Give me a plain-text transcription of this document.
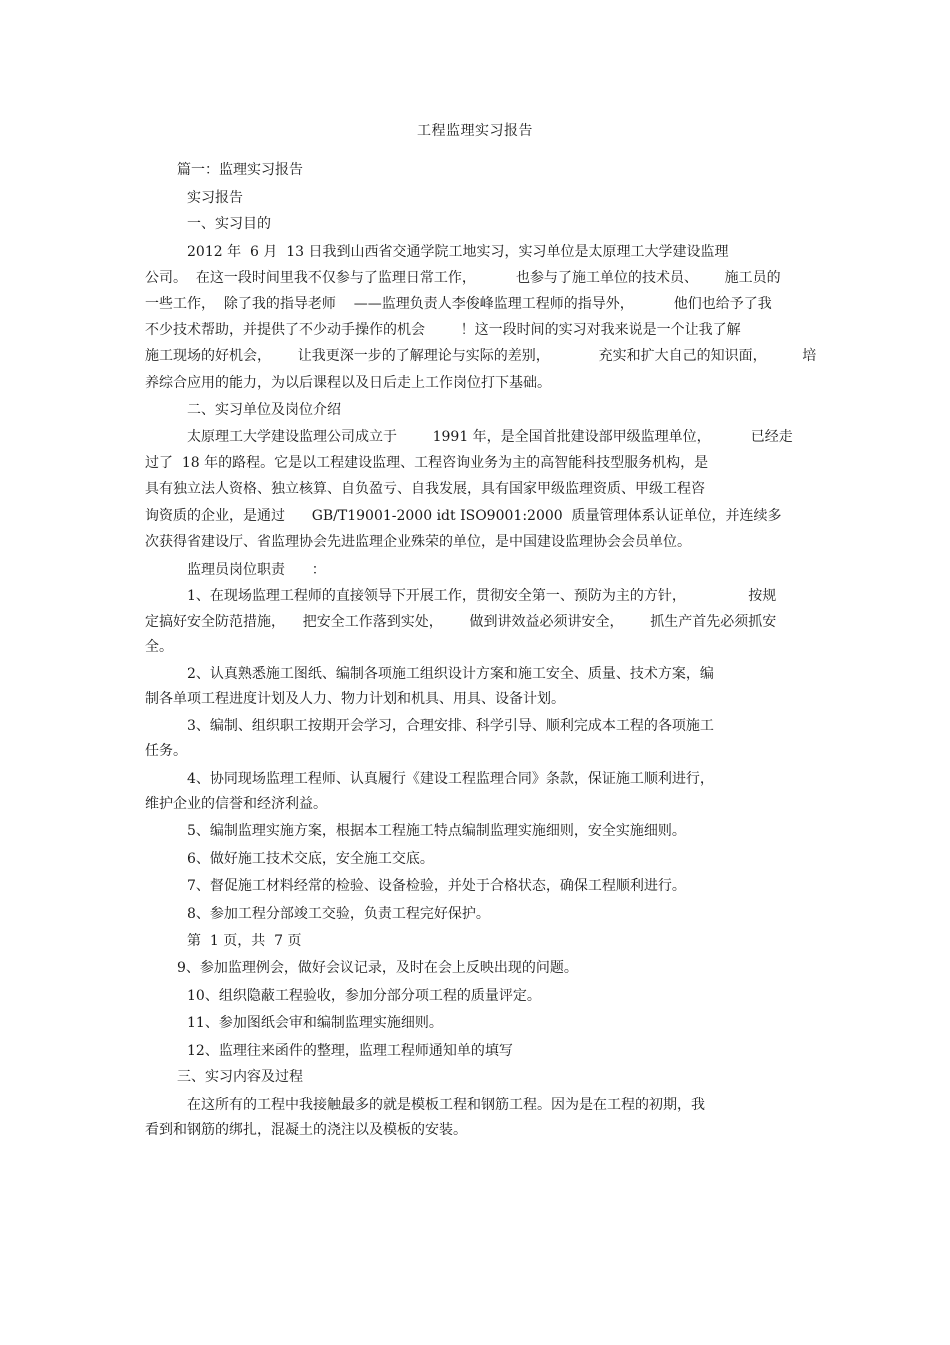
工程监理实习报告
篇一：监理实习报告
实习报告
一、实习目的
2012 年  6 月  13 日我到山西省交通学院工地实习，实习单位是太原理工大学建设监理
公司。  在这一段时间里我不仅参与了监理日常工作，         也参与了施工单位的技术员、      施工员的
一些工作，  除了我的指导老师    ——监理负责人李俊峰监理工程师的指导外，         他们也给予了我
不少技术帮助，并提供了不少动手操作的机会        ！这一段时间的实习对我来说是一个让我了解
施工现场的好机会，      让我更深一步的了解理论与实际的差别，           充实和扩大自己的知识面，        培
养综合应用的能力，为以后课程以及日后走上工作岗位打下基础。
二、实习单位及岗位介绍
太原理工大学建设监理公司成立于        1991 年，是全国首批建设部甲级监理单位，         已经走
过了  18 年的路程。它是以工程建设监理、工程咨询业务为主的高智能科技型服务机构，是
具有独立法人资格、独立核算、自负盈亏、自我发展，具有国家甲级监理资质、甲级工程咨
询资质的企业，是通过      GB/T19001-2000 idt ISO9001:2000  质量管理体系认证单位，并连续多
次获得省建设厅、省监理协会先进监理企业殊荣的单位，是中国建设监理协会会员单位。
监理员岗位职责      ：
1、在现场监理工程师的直接领导下开展工作，贯彻安全第一、预防为主的方针，              按规
定搞好安全防范措施，    把安全工作落到实处，      做到讲效益必须讲安全，      抓生产首先必须抓安
全。
2、认真熟悉施工图纸、编制各项施工组织设计方案和施工安全、质量、技术方案，编
制各单项工程进度计划及人力、物力计划和机具、用具、设备计划。
3、编制、组织职工按期开会学习，合理安排、科学引导、顺利完成本工程的各项施工
任务。
4、协同现场监理工程师、认真履行《建设工程监理合同》条款，保证施工顺利进行，
维护企业的信誉和经济利益。
5、编制监理实施方案，根据本工程施工特点编制监理实施细则，安全实施细则。
6、做好施工技术交底，安全施工交底。
7、督促施工材料经常的检验、设备检验，并处于合格状态，确保工程顺利进行。
8、参加工程分部竣工交验，负责工程完好保护。
第  1 页，共  7 页
9、参加监理例会，做好会议记录，及时在会上反映出现的问题。
10、组织隐蔽工程验收，参加分部分项工程的质量评定。
11、参加图纸会审和编制监理实施细则。
12、监理往来函件的整理，监理工程师通知单的填写
三、实习内容及过程
在这所有的工程中我接触最多的就是模板工程和钢筋工程。因为是在工程的初期，我
看到和钢筋的绑扎，混凝土的浇注以及模板的安装。
